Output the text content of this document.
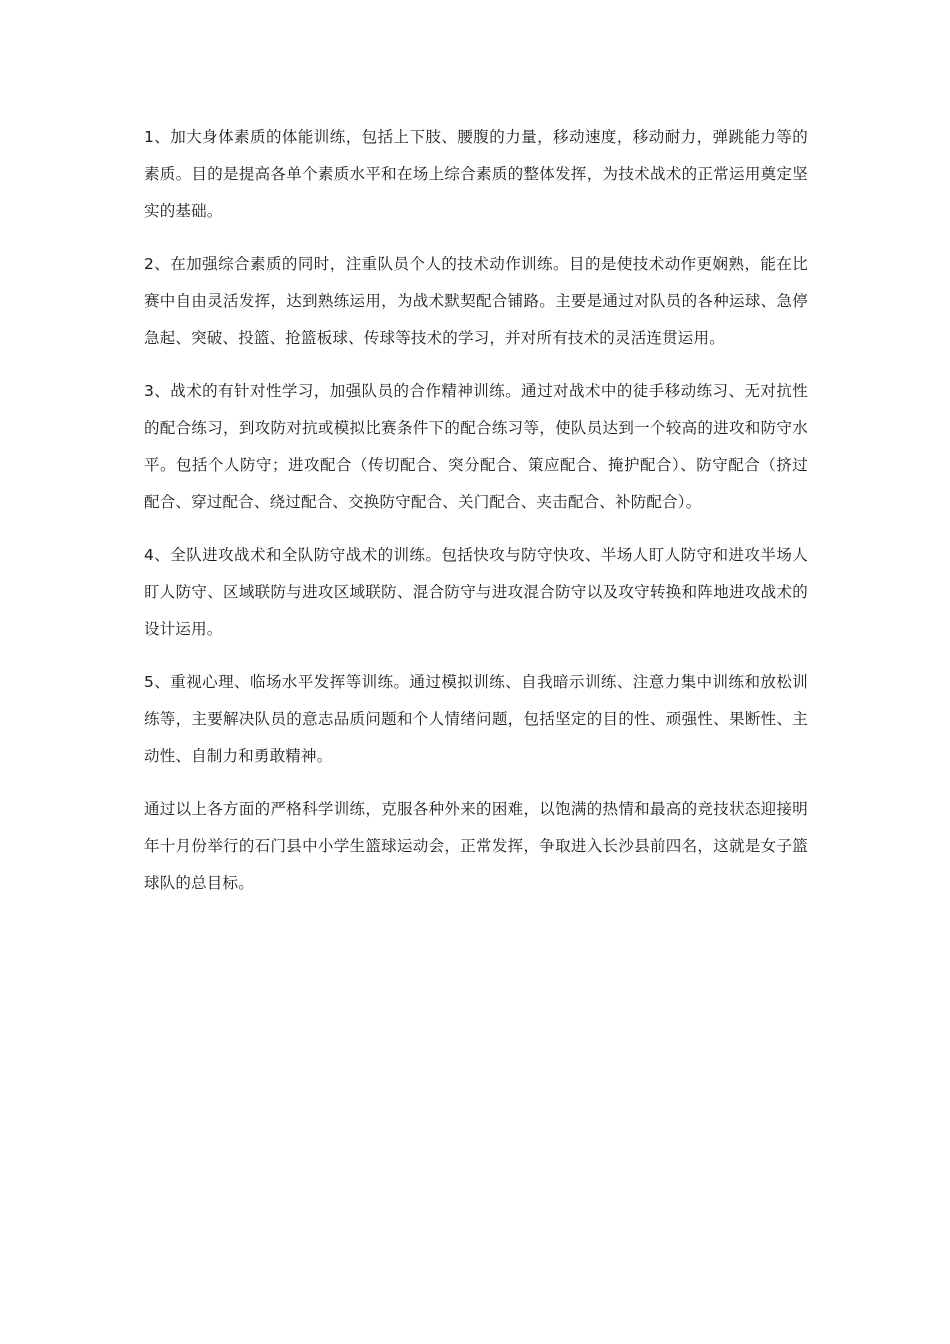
1、加大身体素质的体能训练，包括上下肢、腰腹的力量，移动速度，移动耐力，弹跳能力等的素质。目的是提高各单个素质水平和在场上综合素质的整体发挥，为技术战术的正常运用奠定坚实的基础。

2、在加强综合素质的同时，注重队员个人的技术动作训练。目的是使技术动作更娴熟，能在比赛中自由灵活发挥，达到熟练运用，为战术默契配合铺路。主要是通过对队员的各种运球、急停急起、突破、投篮、抢篮板球、传球等技术的学习，并对所有技术的灵活连贯运用。

3、战术的有针对性学习，加强队员的合作精神训练。通过对战术中的徒手移动练习、无对抗性的配合练习，到攻防对抗或模拟比赛条件下的配合练习等，使队员达到一个较高的进攻和防守水平。包括个人防守；进攻配合（传切配合、突分配合、策应配合、掩护配合）、防守配合（挤过配合、穿过配合、绕过配合、交换防守配合、关门配合、夹击配合、补防配合）。

4、全队进攻战术和全队防守战术的训练。包括快攻与防守快攻、半场人盯人防守和进攻半场人盯人防守、区域联防与进攻区域联防、混合防守与进攻混合防守以及攻守转换和阵地进攻战术的设计运用。

5、重视心理、临场水平发挥等训练。通过模拟训练、自我暗示训练、注意力集中训练和放松训练等，主要解决队员的意志品质问题和个人情绪问题，包括坚定的目的性、顽强性、果断性、主动性、自制力和勇敢精神。

通过以上各方面的严格科学训练，克服各种外来的困难，以饱满的热情和最高的竞技状态迎接明年十月份举行的石门县中小学生篮球运动会，正常发挥，争取进入长沙县前四名，这就是女子篮球队的总目标。
